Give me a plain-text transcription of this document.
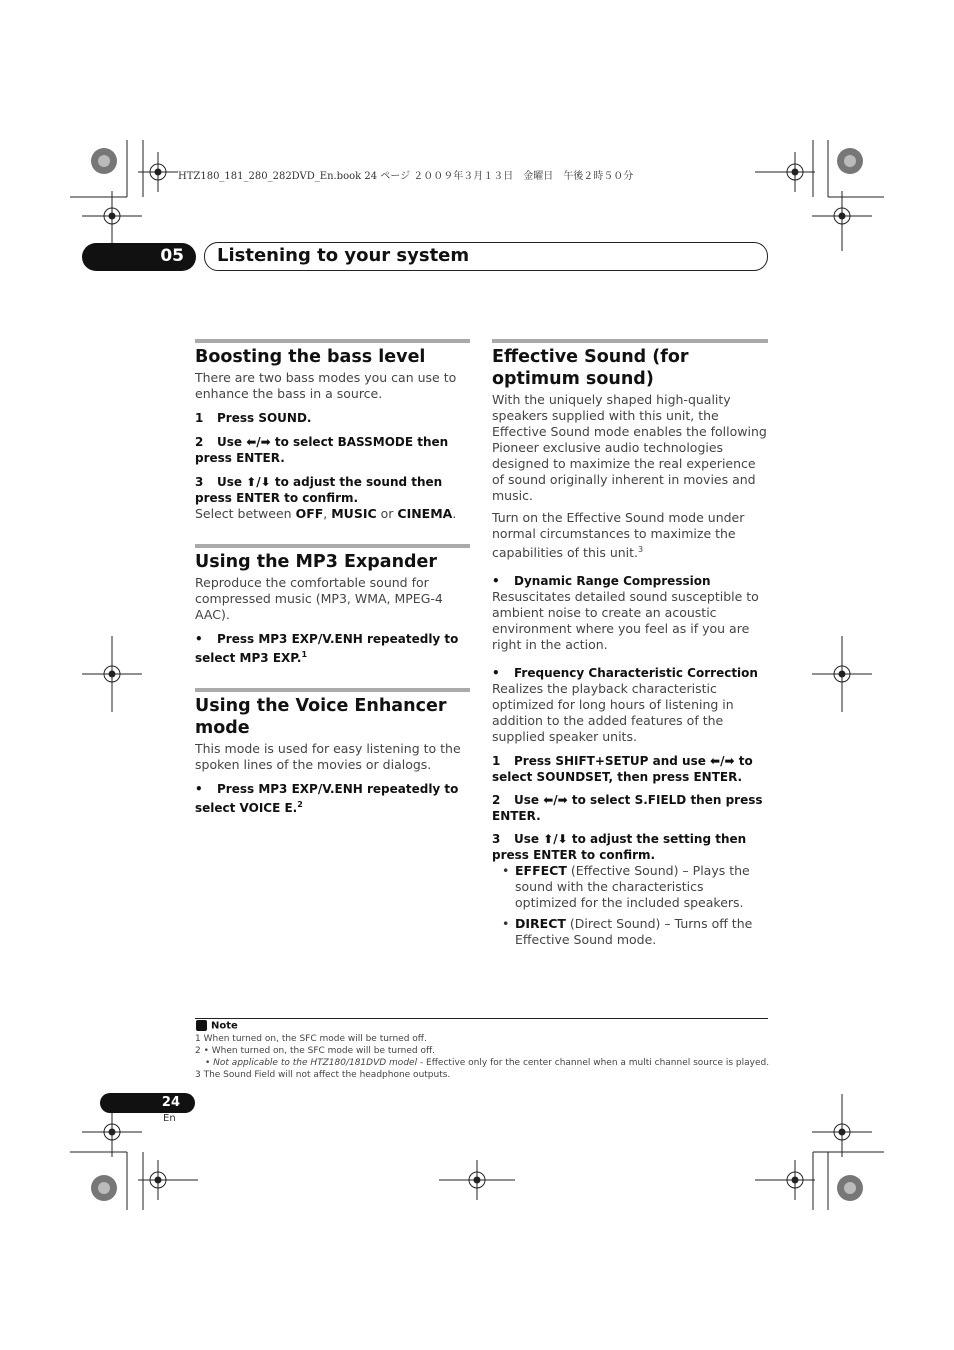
HTZ180_181_280_282DVD_En.book 24 ページ ２００９年３月１３日　金曜日　午後２時５０分
05 Listening to your system
Boosting the bass level

There are two bass modes you can use to enhance the bass in a source.

1 Press SOUND.
2 Use ⬅/➡ to select BASSMODE then press ENTER.
3 Use ⬆/⬇ to adjust the sound then press ENTER to confirm.

Select between OFF, MUSIC or CINEMA.

Using the MP3 Expander

Reproduce the comfortable sound for compressed music (MP3, WMA, MPEG-4 AAC).

• Press MP3 EXP/V.ENH repeatedly to select MP3 EXP.$^1$
Using the Voice Enhancer mode

This mode is used for easy listening to the spoken lines of the movies or dialogs.

• Press MP3 EXP/V.ENH repeatedly to select VOICE E.$^2$
Effective Sound (for optimum sound)

With the uniquely shaped high-quality speakers supplied with this unit, the Effective Sound mode enables the following Pioneer exclusive audio technologies designed to maximize the real experience of sound originally inherent in movies and music.

Turn on the Effective Sound mode under normal circumstances to maximize the capabilities of this unit.$^3$

• Dynamic Range Compression

Resuscitates detailed sound susceptible to ambient noise to create an acoustic environment where you feel as if you are right in the action.

• Frequency Characteristic Correction

Realizes the playback characteristic optimized for long hours of listening in addition to the added features of the supplied speaker units.

1 Press SHIFT+SETUP and use ⬅/➡ to select SOUNDSET, then press ENTER.
2 Use ⬅/➡ to select S.FIELD then press ENTER.
3 Use ⬆/⬇ to adjust the setting then press ENTER to confirm.
• EFFECT (Effective Sound) – Plays the sound with the characteristics optimized for the included speakers.
• DIRECT (Direct Sound) – Turns off the Effective Sound mode.
Note
1 When turned on, the SFC mode will be turned off.
2 • When turned on, the SFC mode will be turned off.
• Not applicable to the HTZ180/181DVD model - Effective only for the center channel when a multi channel source is played.
3 The Sound Field will not affect the headphone outputs.
24
En
